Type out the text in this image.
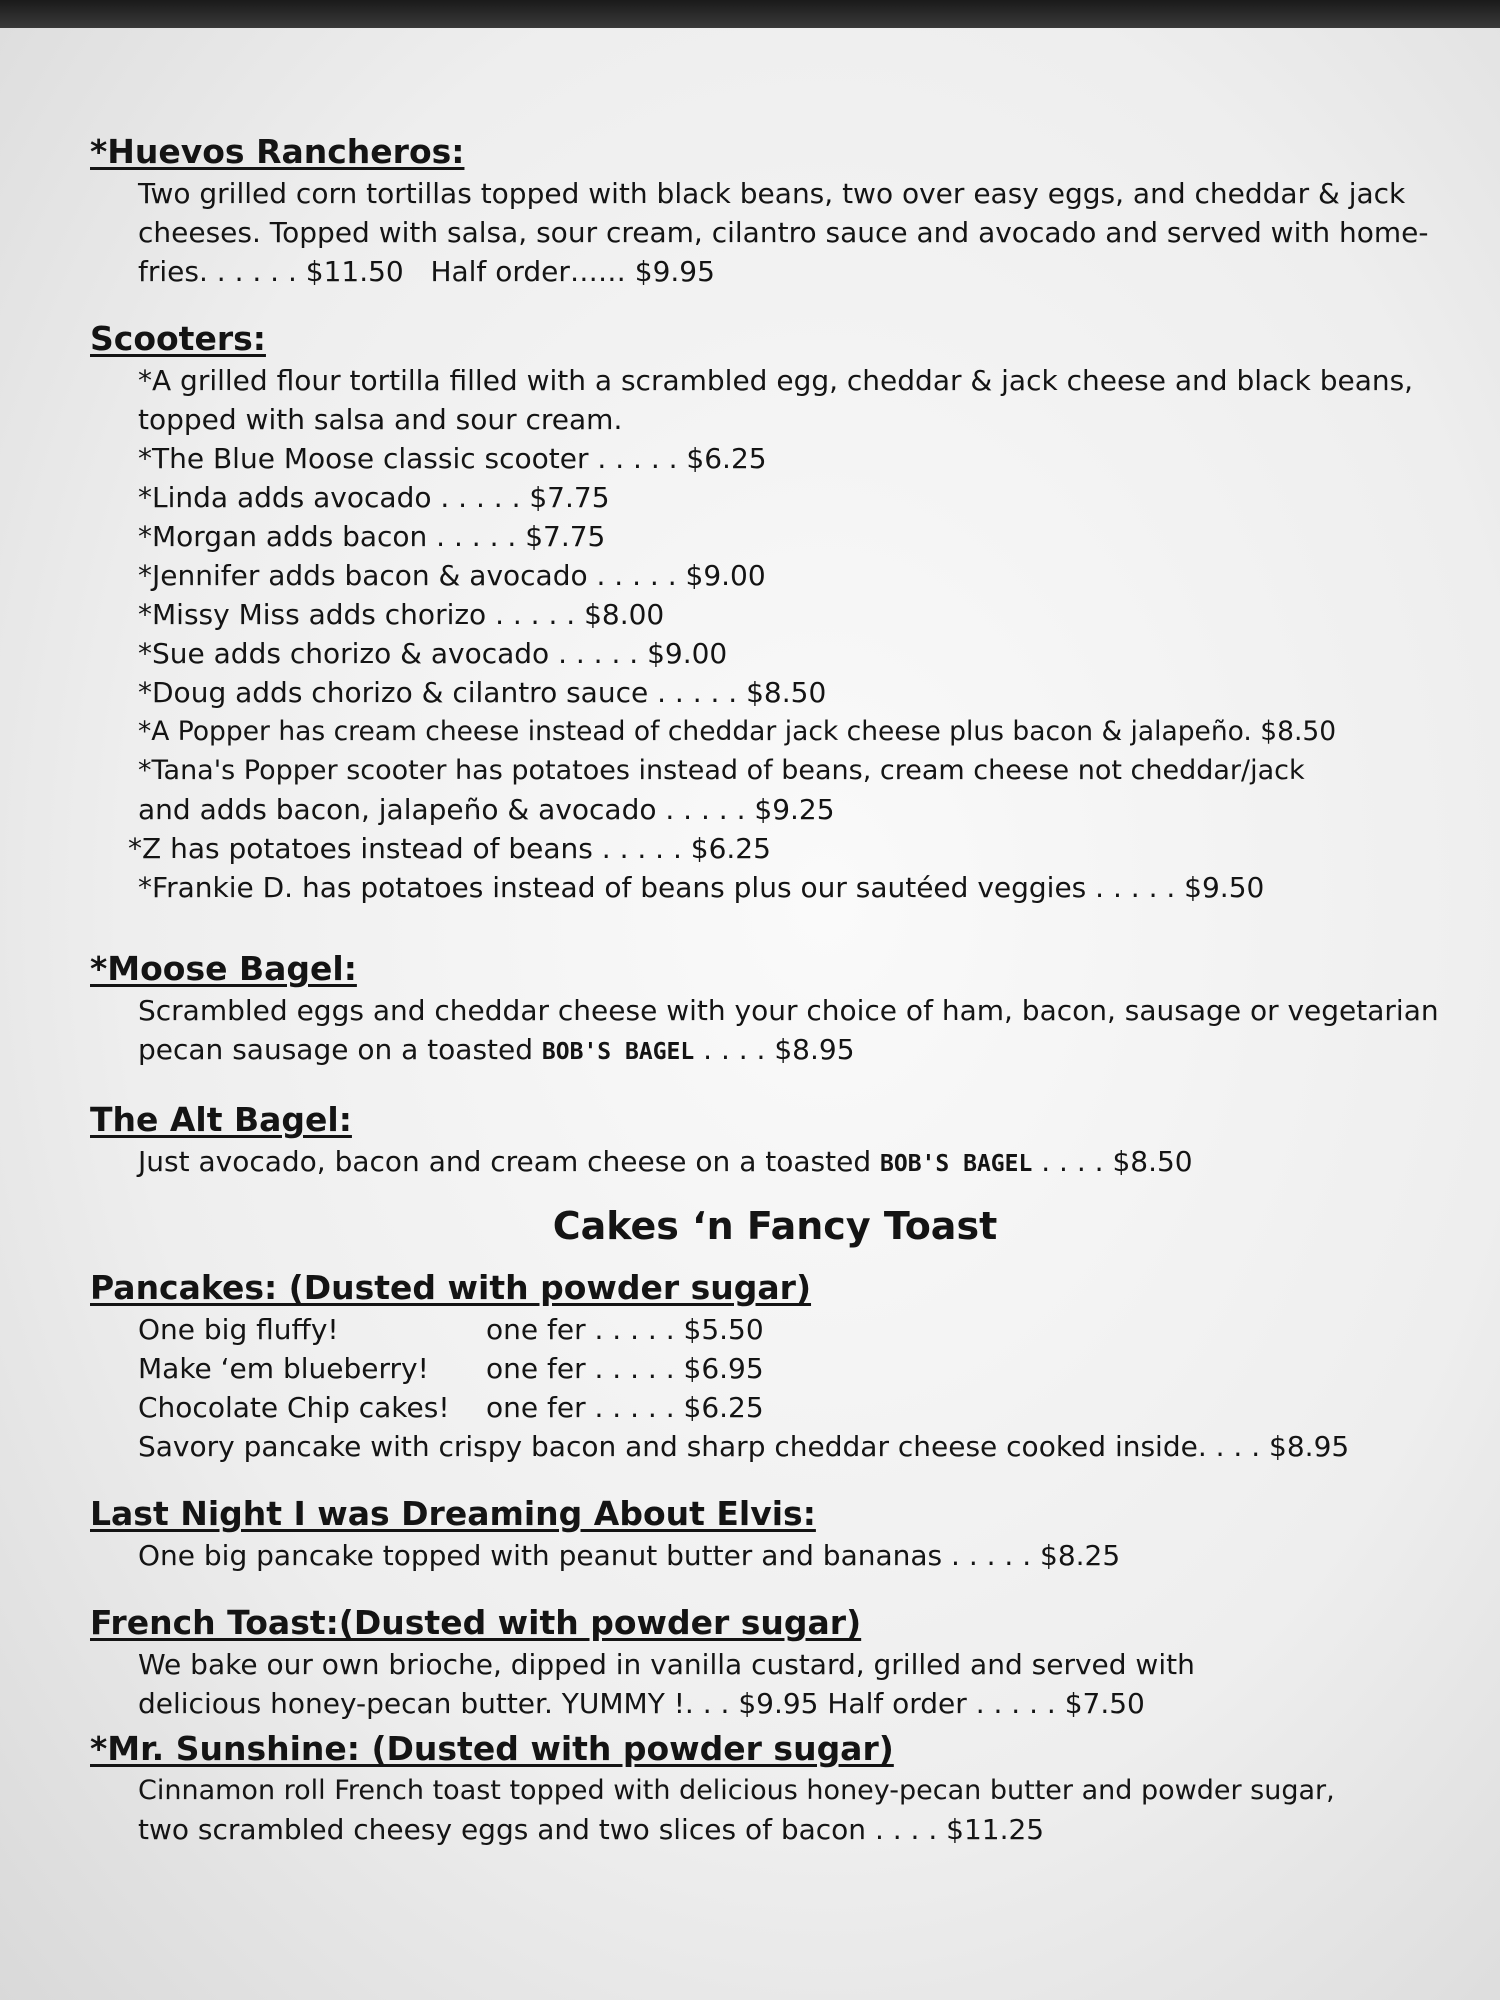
*Huevos Rancheros:
Two grilled corn tortillas topped with black beans, two over easy eggs, and cheddar & jack cheeses. Topped with salsa, sour cream, cilantro sauce and avocado and served with home-fries. . . . . . $11.50   Half order…… $9.95
Scooters:
*A grilled flour tortilla filled with a scrambled egg, cheddar & jack cheese and black beans, topped with salsa and sour cream.
*The Blue Moose classic scooter . . . . . $6.25
*Linda adds avocado . . . . . $7.75
*Morgan adds bacon . . . . . $7.75
*Jennifer adds bacon & avocado . . . . . $9.00
*Missy Miss adds chorizo . . . . . $8.00
*Sue adds chorizo & avocado . . . . . $9.00
*Doug adds chorizo & cilantro sauce . . . . . $8.50
*A Popper has cream cheese instead of cheddar jack cheese plus bacon & jalapeño. $8.50
*Tana's Popper scooter has potatoes instead of beans, cream cheese not cheddar/jack
and adds bacon, jalapeño & avocado . . . . . $9.25
*Z has potatoes instead of beans . . . . . $6.25
*Frankie D. has potatoes instead of beans plus our sautéed veggies . . . . . $9.50
*Moose Bagel:
Scrambled eggs and cheddar cheese with your choice of ham, bacon, sausage or vegetarian pecan sausage on a toasted BOB'S BAGEL . . . . $8.95
The Alt Bagel:
Just avocado, bacon and cream cheese on a toasted BOB'S BAGEL . . . . $8.50
Cakes ‘n Fancy Toast
Pancakes: (Dusted with powder sugar)
One big fluffy!	one fer . . . . . $5.50
Make ‘em blueberry!	one fer . . . . . $6.95
Chocolate Chip cakes!	one fer . . . . . $6.25
Savory pancake with crispy bacon and sharp cheddar cheese cooked inside. . . . $8.95
Last Night I was Dreaming About Elvis:
One big pancake topped with peanut butter and bananas . . . . . $8.25
French Toast:(Dusted with powder sugar)
We bake our own brioche, dipped in vanilla custard, grilled and served with
delicious honey-pecan butter. YUMMY !. . . $9.95 Half order . . . . . $7.50
*Mr. Sunshine: (Dusted with powder sugar)
Cinnamon roll French toast topped with delicious honey-pecan butter and powder sugar,
two scrambled cheesy eggs and two slices of bacon . . . . $11.25
